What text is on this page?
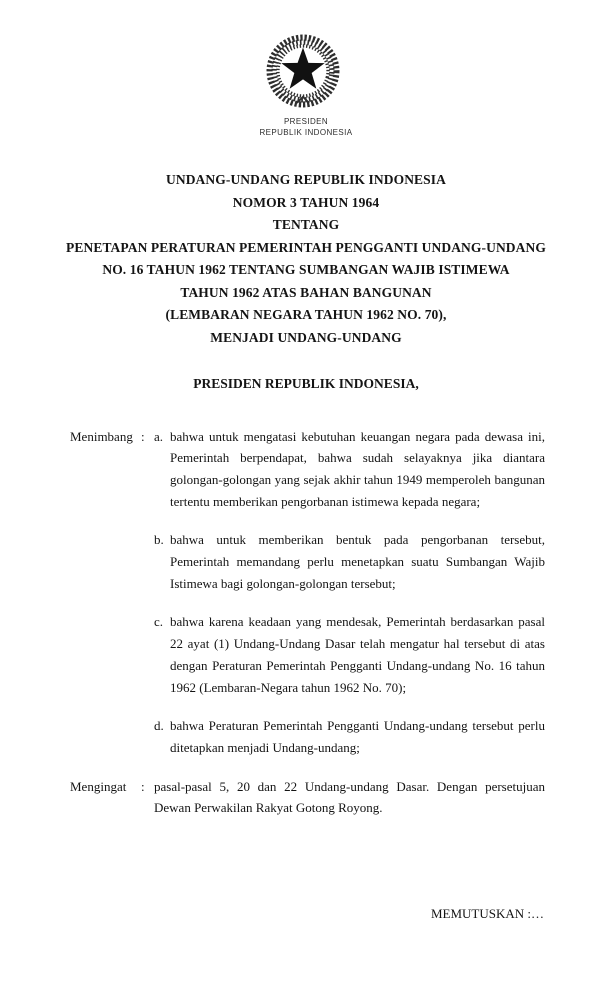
PRESIDEN
REPUBLIK INDONESIA
UNDANG-UNDANG REPUBLIK INDONESIA
NOMOR 3 TAHUN 1964
TENTANG
PENETAPAN PERATURAN PEMERINTAH PENGGANTI UNDANG-UNDANG
NO. 16 TAHUN 1962 TENTANG SUMBANGAN WAJIB ISTIMEWA
TAHUN 1962 ATAS BAHAN BANGUNAN
(LEMBARAN NEGARA TAHUN 1962 NO. 70),
MENJADI UNDANG-UNDANG
PRESIDEN REPUBLIK INDONESIA,
Menimbang : a. bahwa untuk mengatasi kebutuhan keuangan negara pada dewasa ini, Pemerintah berpendapat, bahwa sudah selayaknya jika diantara golongan-golongan yang sejak akhir tahun 1949 memperoleh bangunan tertentu memberikan pengorbanan istimewa kepada negara;
b. bahwa untuk memberikan bentuk pada pengorbanan tersebut, Pemerintah memandang perlu menetapkan suatu Sumbangan Wajib Istimewa bagi golongan-golongan tersebut;
c. bahwa karena keadaan yang mendesak, Pemerintah berdasarkan pasal 22 ayat (1) Undang-Undang Dasar telah mengatur hal tersebut di atas dengan Peraturan Pemerintah Pengganti Undang-undang No. 16 tahun 1962 (Lembaran-Negara tahun 1962 No. 70);
d. bahwa Peraturan Pemerintah Pengganti Undang-undang tersebut perlu ditetapkan menjadi Undang-undang;
Mengingat	: pasal-pasal 5, 20 dan 22 Undang-undang Dasar. Dengan persetujuan Dewan Perwakilan Rakyat Gotong Royong.
MEMUTUSKAN :…
